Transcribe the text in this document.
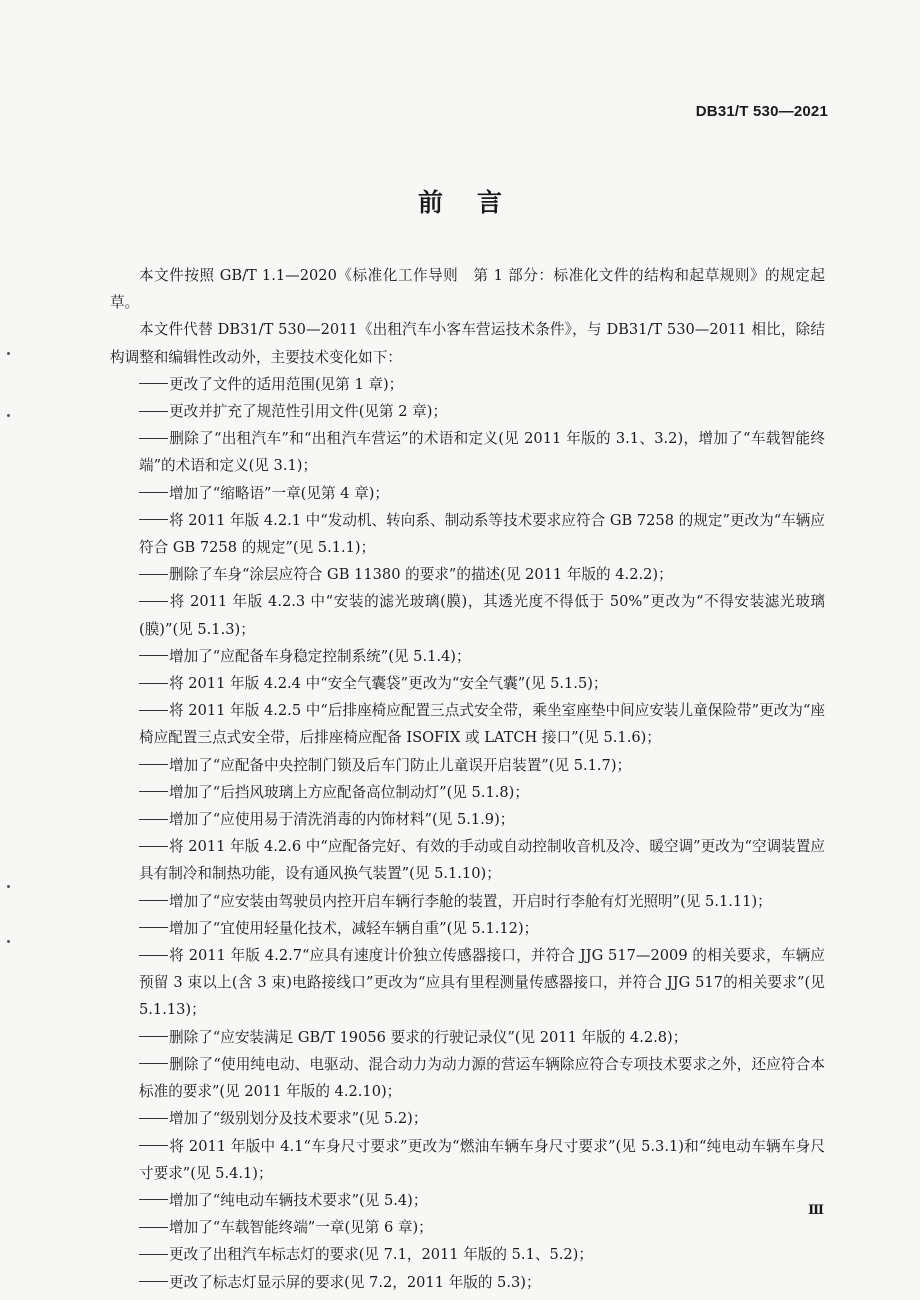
DB31/T 530—2021
前言

本文件按照 GB/T 1.1—2020《标准化工作导则　第 1 部分：标准化文件的结构和起草规则》的规定起草。

本文件代替 DB31/T 530—2011《出租汽车小客车营运技术条件》，与 DB31/T 530—2011 相比，除结构调整和编辑性改动外，主要技术变化如下：

更改了文件的适用范围(见第 1 章)；

更改并扩充了规范性引用文件(见第 2 章)；

删除了“出租汽车”和“出租汽车营运”的术语和定义(见 2011 年版的 3.1、3.2)，增加了“车载智能终端”的术语和定义(见 3.1)；

增加了“缩略语”一章(见第 4 章)；

将 2011 年版 4.2.1 中“发动机、转向系、制动系等技术要求应符合 GB 7258 的规定”更改为“车辆应符合 GB 7258 的规定”(见 5.1.1)；

删除了车身“涂层应符合 GB 11380 的要求”的描述(见 2011 年版的 4.2.2)；

将 2011 年版 4.2.3 中“安装的滤光玻璃(膜)，其透光度不得低于 50%”更改为“不得安装滤光玻璃(膜)”(见 5.1.3)；

增加了“应配备车身稳定控制系统”(见 5.1.4)；

将 2011 年版 4.2.4 中“安全气囊袋”更改为“安全气囊”(见 5.1.5)；

将 2011 年版 4.2.5 中“后排座椅应配置三点式安全带，乘坐室座垫中间应安装儿童保险带”更改为“座椅应配置三点式安全带，后排座椅应配备 ISOFIX 或 LATCH 接口”(见 5.1.6)；

增加了“应配备中央控制门锁及后车门防止儿童误开启装置”(见 5.1.7)；

增加了“后挡风玻璃上方应配备高位制动灯”(见 5.1.8)；

增加了“应使用易于清洗消毒的内饰材料”(见 5.1.9)；

将 2011 年版 4.2.6 中“应配备完好、有效的手动或自动控制收音机及冷、暖空调”更改为“空调装置应具有制冷和制热功能，设有通风换气装置”(见 5.1.10)；

增加了“应安装由驾驶员内控开启车辆行李舱的装置，开启时行李舱有灯光照明”(见 5.1.11)；

增加了“宜使用轻量化技术，减轻车辆自重”(见 5.1.12)；

将 2011 年版 4.2.7“应具有速度计价独立传感器接口，并符合 JJG 517—2009 的相关要求，车辆应预留 3 束以上(含 3 束)电路接线口”更改为“应具有里程测量传感器接口，并符合 JJG 517的相关要求”(见 5.1.13)；

删除了“应安装满足 GB/T 19056 要求的行驶记录仪”(见 2011 年版的 4.2.8)；

删除了“使用纯电动、电驱动、混合动力为动力源的营运车辆除应符合专项技术要求之外，还应符合本标准的要求”(见 2011 年版的 4.2.10)；

增加了“级别划分及技术要求”(见 5.2)；

将 2011 年版中 4.1“车身尺寸要求”更改为“燃油车辆车身尺寸要求”(见 5.3.1)和“纯电动车辆车身尺寸要求”(见 5.4.1)；

增加了“纯电动车辆技术要求”(见 5.4)；

增加了“车载智能终端”一章(见第 6 章)；

更改了出租汽车标志灯的要求(见 7.1，2011 年版的 5.1、5.2)；

更改了标志灯显示屏的要求(见 7.2，2011 年版的 5.3)；

Ⅲ
